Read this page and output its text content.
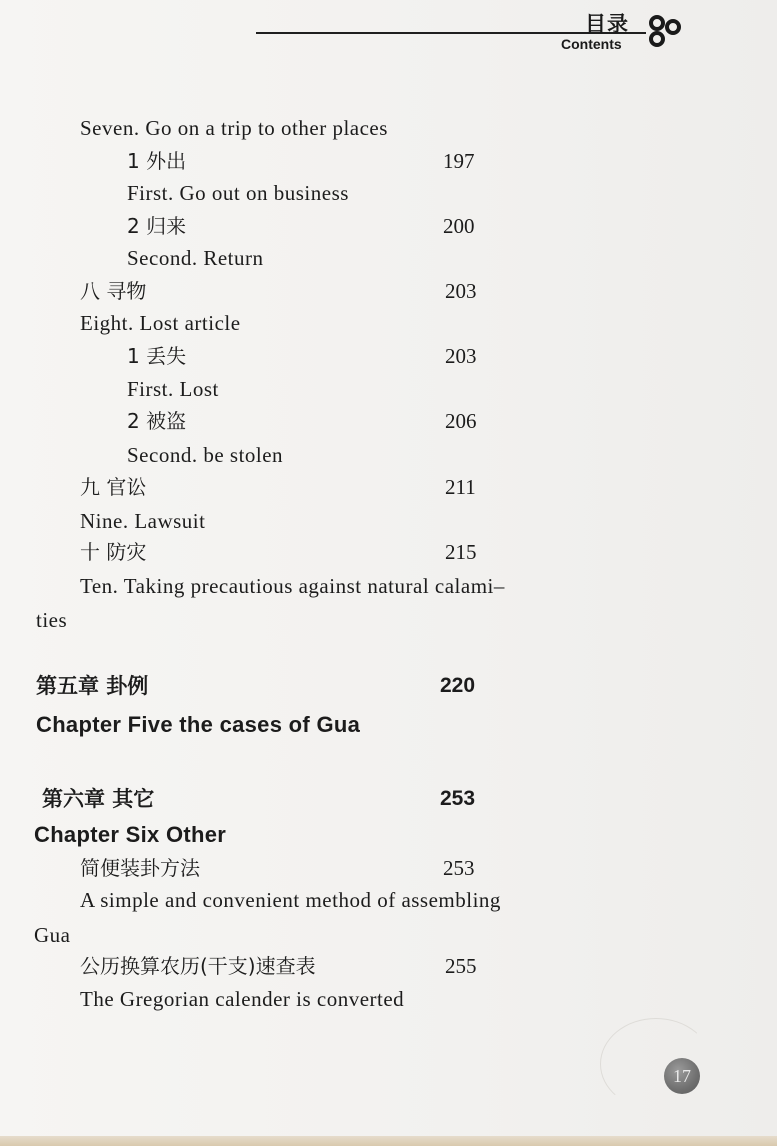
目录
Contents
Seven. Go on a trip to other places
1 外出	197
First. Go out on business
2 归来	200
Second. Return
八 寻物	203
Eight. Lost article
1 丢失	203
First. Lost
2 被盗	206
Second. be stolen
九 官讼	211
Nine. Lawsuit
十 防灾	215
Ten. Taking precautious against natural calami–
ties
第五章 卦例	220
Chapter Five the cases of Gua
第六章 其它	253
Chapter Six Other
简便装卦方法	253
A simple and convenient method of assembling
Gua
公历换算农历(干支)速查表	255
The Gregorian calender is converted
17
